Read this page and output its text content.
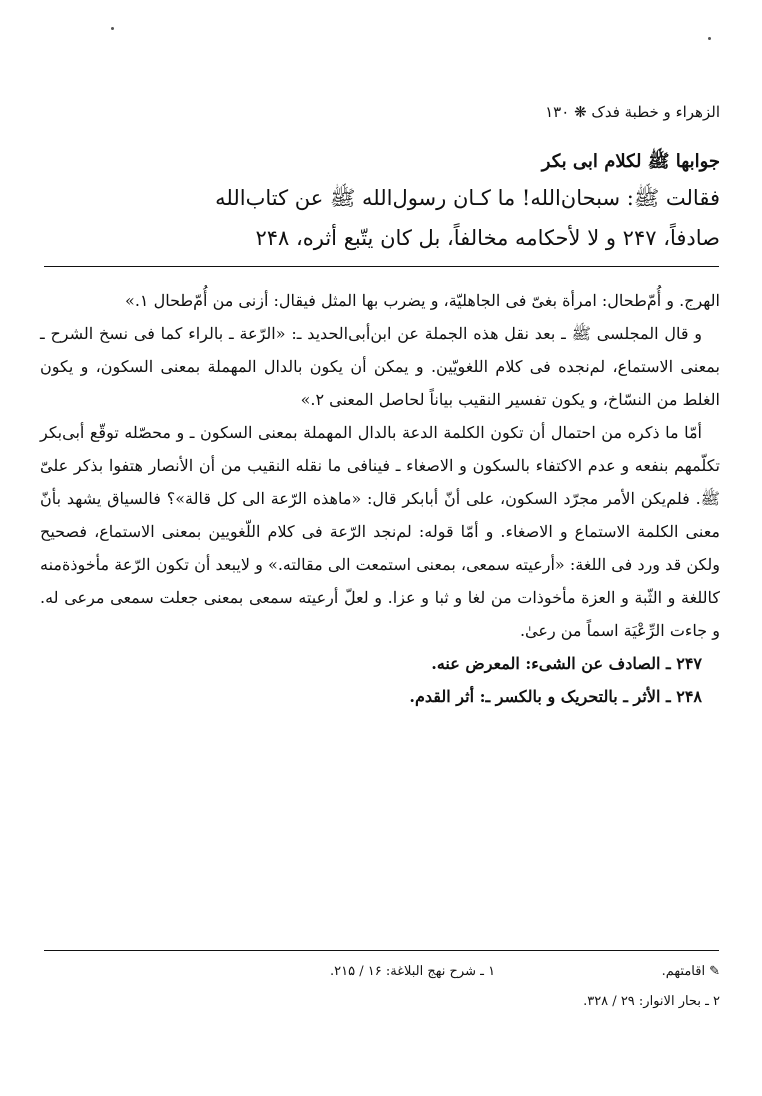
الزهراء و خطبة فدک ❋ ۱۳۰
جوابها ﷺ لکلام ابی بکر
فقالت ﷺ: سبحان‌الله! ما کـان رسول‌الله ﷺ عن کتاب‌الله
صادفاً، ۲۴۷ و لا لأحکامه مخالفاً، بل کان یتّبع أثره، ۲۴۸

الهرج. و أُمّ‌طحال: امرأة بغیّ فی الجاهلیّة، و یضرب بها المثل فیقال: أزنی من أُمّ‌طحال ۱.»

و قال المجلسی ﷺ ـ بعد نقل هذه الجملة عن ابن‌أبی‌الحدید ـ: «الرّعة ـ بالراء کما فی نسخ الشرح ـ بمعنی الاستماع، لم‌نجده فی کلام اللغویّین. و یمکن أن یکون بالدال المهملة بمعنی السکون، و یکون الغلط من النسّاخ، و یکون تفسیر النقیب بیاناً لحاصل المعنی ۲.»

أمّا ما ذکره من احتمال أن تکون الکلمة الدعة بالدال المهملة بمعنی السکون ـ و محصّله توقّع أبی‌بکر تکلّمهم بنفعه و عدم الاکتفاء بالسکون و الاصغاء ـ فینافی ما نقله النقیب من أن الأنصار هتفوا بذکر علیّ ﷺ. فلم‌یکن الأمر مجرّد السکون، علی أنّ أبابکر قال: «ماهذه الرّعة الی کل قالة»؟ فالسیاق یشهد بأنّ معنی الکلمة الاستماع و الاصغاء. و أمّا قوله: لم‌نجد الرّعة فی کلام اللّغویین بمعنی الاستماع، فصحیح ولکن قد ورد فی اللغة: «أرعیته سمعی، بمعنی استمعت الی مقالته.» و لایبعد أن تکون الرّعة مأخوذةمنه کاللغة و الثّبة و العزة مأخوذات من لغا و ثبا و عزا. و لعلّ أرعیته سمعی بمعنی جعلت سمعی مرعی له. و جاءت الرِّعْیَة اسماً من رعیٰ.

۲۴۷ ـ الصادف عن الشیء: المعرض عنه.

۲۴۸ ـ الأثر ـ بالتحریک و بالکسر ـ: أثر القدم.

✎اقامتهم.
۱ ـ شرح نهج البلاغة: ۱۶ / ۲۱۵.
۲ ـ بحار الانوار: ۲۹ / ۳۲۸.
